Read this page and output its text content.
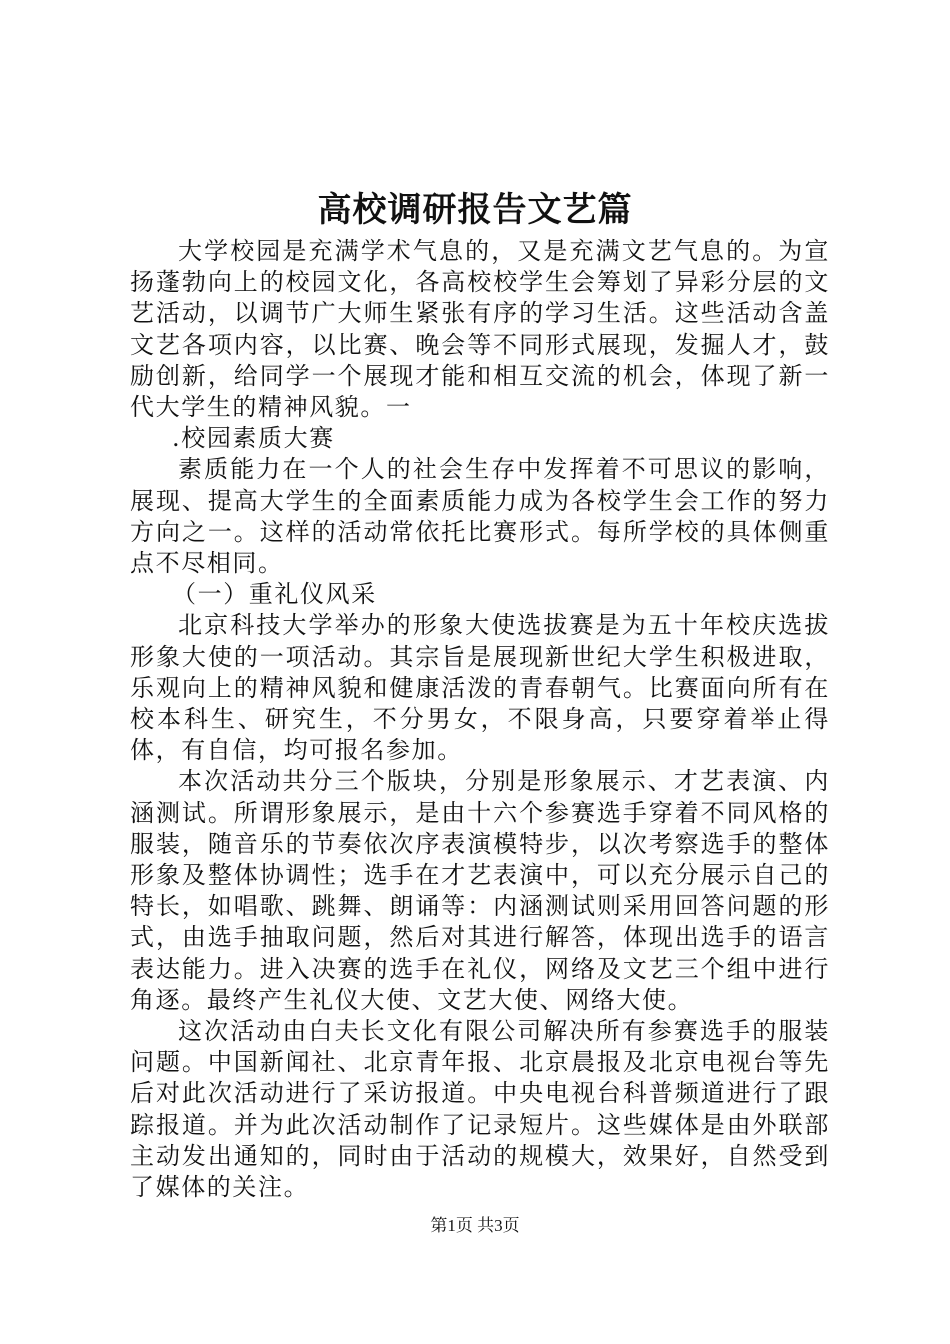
高校调研报告文艺篇

大学校园是充满学术气息的，又是充满文艺气息的。为宣扬蓬勃向上的校园文化，各高校校学生会筹划了异彩分层的文艺活动，以调节广大师生紧张有序的学习生活。这些活动含盖文艺各项内容，以比赛、晚会等不同形式展现，发掘人才，鼓励创新，给同学一个展现才能和相互交流的机会，体现了新一代大学生的精神风貌。一

.校园素质大赛

素质能力在一个人的社会生存中发挥着不可思议的影响，展现、提高大学生的全面素质能力成为各校学生会工作的努力方向之一。这样的活动常依托比赛形式。每所学校的具体侧重点不尽相同。

（一）重礼仪风采

北京科技大学举办的形象大使选拔赛是为五十年校庆选拔形象大使的一项活动。其宗旨是展现新世纪大学生积极进取，乐观向上的精神风貌和健康活泼的青春朝气。比赛面向所有在校本科生、研究生，不分男女，不限身高，只要穿着举止得体，有自信，均可报名参加。

本次活动共分三个版块，分别是形象展示、才艺表演、内涵测试。所谓形象展示，是由十六个参赛选手穿着不同风格的服装，随音乐的节奏依次序表演模特步，以次考察选手的整体形象及整体协调性；选手在才艺表演中，可以充分展示自己的特长，如唱歌、跳舞、朗诵等：内涵测试则采用回答问题的形式，由选手抽取问题，然后对其进行解答，体现出选手的语言表达能力。进入决赛的选手在礼仪，网络及文艺三个组中进行角逐。最终产生礼仪大使、文艺大使、网络大使。

这次活动由白夫长文化有限公司解决所有参赛选手的服装问题。中国新闻社、北京青年报、北京晨报及北京电视台等先后对此次活动进行了采访报道。中央电视台科普频道进行了跟踪报道。并为此次活动制作了记录短片。这些媒体是由外联部主动发出通知的，同时由于活动的规模大，效果好，自然受到了媒体的关注。

第1页 共3页
